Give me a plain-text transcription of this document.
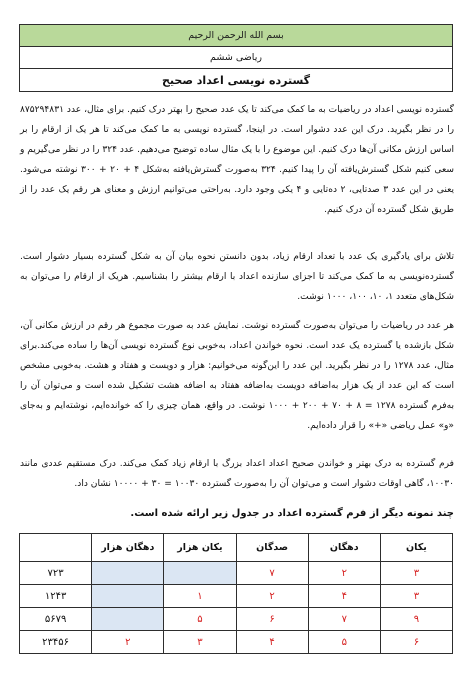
بسم الله الرحمن الرحیم
ریاضی ششم
گسترده نویسی اعداد صحیح

گسترده نویسی اعداد در ریاضیات به ما کمک می‌کند تا یک عدد صحیح را بهتر درک کنیم. برای مثال، عدد ۸۷۵۲۹۴۸۳۱ را در نظر بگیرید. درک این عدد دشوار است. در اینجا، گسترده نویسی به ما کمک می‌کند تا هر یک از ارقام را بر اساس ارزش مکانی آن‌ها درک کنیم. این موضوع را با یک مثال ساده توضیح می‌دهیم. عدد ۳۲۴ را در نظر می‌گیریم و سعی کنیم شکل گسترش‌یافته آن را پیدا کنیم. ۳۲۴ به‌صورت گسترش‌یافته به‌شکل ۴ + ۲۰ + ۳۰۰ نوشته می‌شود. یعنی در این عدد ۳ صدتایی، ۲ ده‌تایی و ۴ یکی وجود دارد. به‌راحتی می‌توانیم ارزش و معنای هر رقم یک عدد را از طریق شکل گسترده آن درک کنیم.

تلاش برای یادگیری یک عدد با تعداد ارقام زیاد، بدون دانستن نحوه بیان آن به شکل گسترده بسیار دشوار است. گسترده‌نویسی به ما کمک می‌کند تا اجزای سازنده اعداد با ارقام بیشتر را بشناسیم. هریک از ارقام را می‌توان به شکل‌های متعدد ۱، ۱۰، ۱۰۰، ۱۰۰۰ نوشت.

هر عدد در ریاضیات را می‌توان به‌صورت گسترده نوشت. نمایش عدد به صورت مجموع هر رقم در ارزش مکانی آن، شکل بازشده یا گسترده یک عدد است. نحوه خواندن اعداد، به‌خوبی نوع گسترده نویسی آن‌ها را ساده می‌کند.برای مثال، عدد ۱۲۷۸ را در نظر بگیرید. این عدد را این‌گونه می‌خوانیم: هزار و دویست و هفتاد و هشت. به‌خوبی مشخص است که این عدد از یک هزار به‌اضافه دویست به‌اضافه هفتاد به اضافه هشت تشکیل شده است و می‌توان آن را به‌فرم گسترده ۱۲۷۸ = ۸ + ۷۰ + ۲۰۰ + ۱۰۰۰ نوشت. در واقع، همان چیزی را که خوانده‌ایم، نوشته‌ایم و به‌جای «و» عمل ریاضی «+» را قرار داده‌ایم.

فرم گسترده به درک بهتر و خواندن صحیح اعداد اعداد بزرگ با ارقام زیاد کمک می‌کند. درک مستقیم عددی مانند ۱۰۰۳۰، گاهی اوقات دشوار است و می‌توان آن را به‌صورت گسترده ۱۰۰۳۰ = ۳۰ + ۱۰۰۰۰ نشان داد.

چند نمونه دیگر از فرم گسترده اعداد در جدول زیر ارائه شده است.

یکان	دهگان	صدگان	یکان هزار	دهگان هزار	
۳	۲	۷			۷۲۳
۳	۴	۲	۱		۱۲۴۳
۹	۷	۶	۵		۵۶۷۹
۶	۵	۴	۳	۲	۲۳۴۵۶
